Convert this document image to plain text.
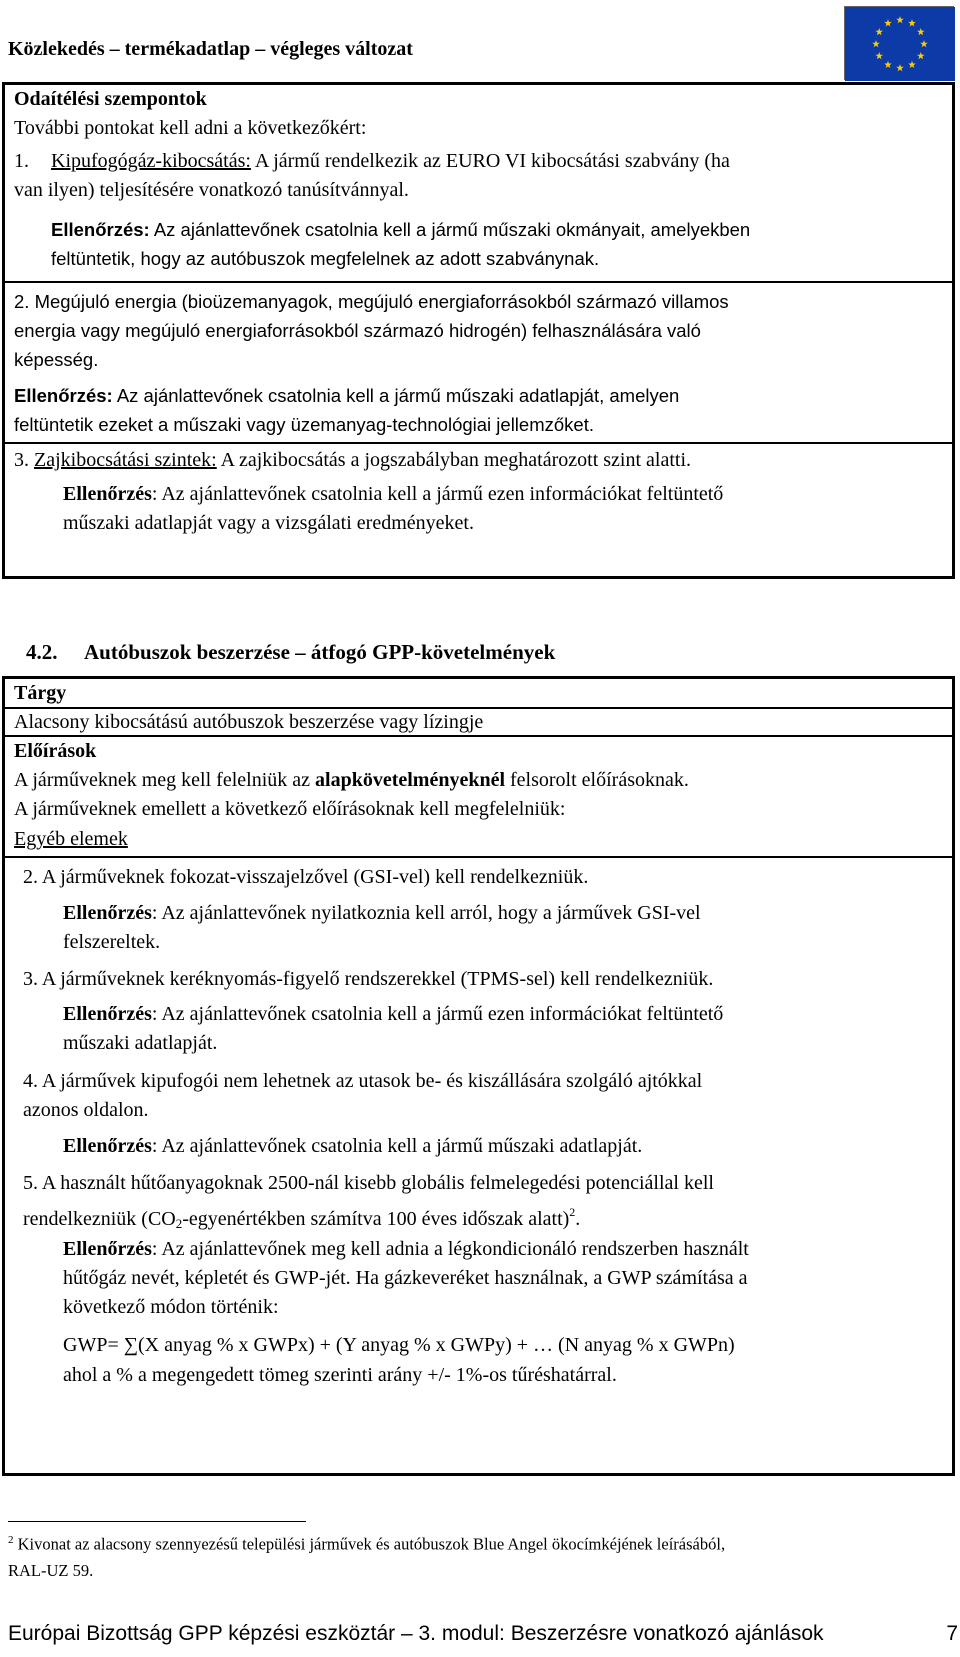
Közlekedés – termékadatlap – végleges változat
Odaítélési szempontok
További pontokat kell adni a következőkért:
1. Kipufogógáz-kibocsátás: A jármű rendelkezik az EURO VI kibocsátási szabvány (ha
van ilyen) teljesítésére vonatkozó tanúsítvánnyal.
Ellenőrzés: Az ajánlattevőnek csatolnia kell a jármű műszaki okmányait, amelyekben
feltüntetik, hogy az autóbuszok megfelelnek az adott szabványnak.
2. Megújuló energia (bioüzemanyagok, megújuló energiaforrásokból származó villamos
energia vagy megújuló energiaforrásokból származó hidrogén) felhasználására való
képesség.
Ellenőrzés: Az ajánlattevőnek csatolnia kell a jármű műszaki adatlapját, amelyen
feltüntetik ezeket a műszaki vagy üzemanyag-technológiai jellemzőket.
3. Zajkibocsátási szintek: A zajkibocsátás a jogszabályban meghatározott szint alatti.
Ellenőrzés: Az ajánlattevőnek csatolnia kell a jármű ezen információkat feltüntető
műszaki adatlapját vagy a vizsgálati eredményeket.
4.2. Autóbuszok beszerzése – átfogó GPP-követelmények
Tárgy
Alacsony kibocsátású autóbuszok beszerzése vagy lízingje
Előírások
A járműveknek meg kell felelniük az alapkövetelményeknél felsorolt előírásoknak.
A járműveknek emellett a következő előírásoknak kell megfelelniük:
Egyéb elemek
2. A járműveknek fokozat-visszajelzővel (GSI-vel) kell rendelkezniük.
Ellenőrzés: Az ajánlattevőnek nyilatkoznia kell arról, hogy a járművek GSI-vel
felszereltek.
3. A járműveknek keréknyomás-figyelő rendszerekkel (TPMS-sel) kell rendelkezniük.
Ellenőrzés: Az ajánlattevőnek csatolnia kell a jármű ezen információkat feltüntető
műszaki adatlapját.
4. A járművek kipufogói nem lehetnek az utasok be- és kiszállására szolgáló ajtókkal
azonos oldalon.
Ellenőrzés: Az ajánlattevőnek csatolnia kell a jármű műszaki adatlapját.
5. A használt hűtőanyagoknak 2500-nál kisebb globális felmelegedési potenciállal kell
rendelkezniük ($CO_2$-egyenértékben számítva 100 éves időszak alatt)$^2$.
Ellenőrzés: Az ajánlattevőnek meg kell adnia a légkondicionáló rendszerben használt
hűtőgáz nevét, képletét és GWP-jét. Ha gázkeveréket használnak, a GWP számítása a
következő módon történik:
GWP= ∑(X anyag % x GWPx) + (Y anyag % x GWPy) + … (N anyag % x GWPn)
ahol a % a megengedett tömeg szerinti arány +/- 1%-os tűréshatárral.
$^2$ Kivonat az alacsony szennyezésű települési járművek és autóbuszok Blue Angel ökocímkéjének leírásából,
RAL-UZ 59.
Európai Bizottság GPP képzési eszköztár – 3. modul: Beszerzésre vonatkozó ajánlások	7
